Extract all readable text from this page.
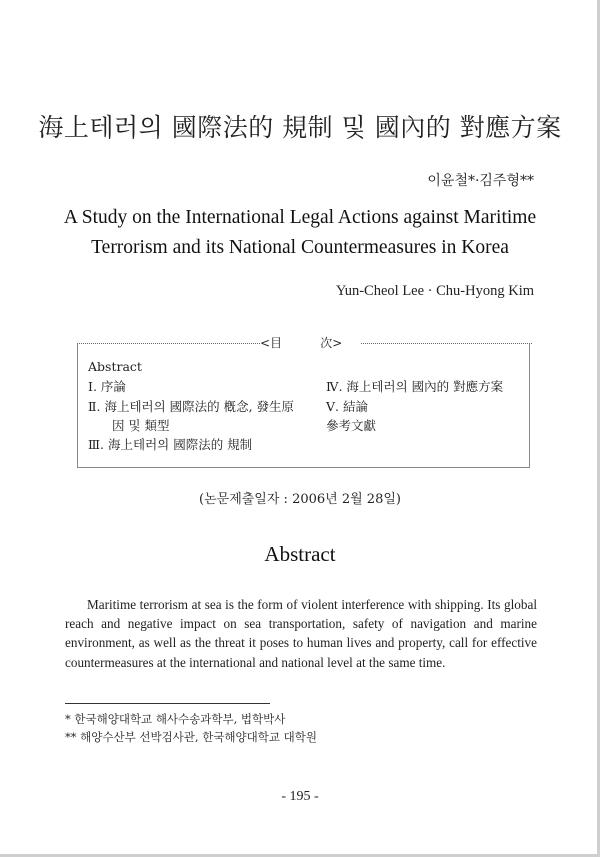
海上테러의 國際法的 規制 및 國內的 對應方案
이윤철*·김주형**
A Study on the International Legal Actions against Maritime
Terrorism and its National Countermeasures in Korea
Yun-Cheol Lee · Chu-Hyong Kim
<目          次>
Abstract
Ⅰ. 序論
Ⅱ. 海上테러의 國際法的 槪念, 發生原
因 및 類型
Ⅲ. 海上테러의 國際法的 規制
Ⅳ. 海上테러의 國內的 對應方案
Ⅴ. 結論
參考文獻
(논문제출일자 : 2006년 2월 28일)
Abstract

Maritime terrorism at sea is the form of violent interference with shipping. Its global reach and negative impact on sea transportation, safety of navigation and marine environment, as well as the threat it poses to human lives and property, call for effective countermeasures at the international and national level at the same time.

* 한국해양대학교 해사수송과학부, 법학박사
** 해양수산부 선박검사관, 한국해양대학교 대학원
- 195 -
